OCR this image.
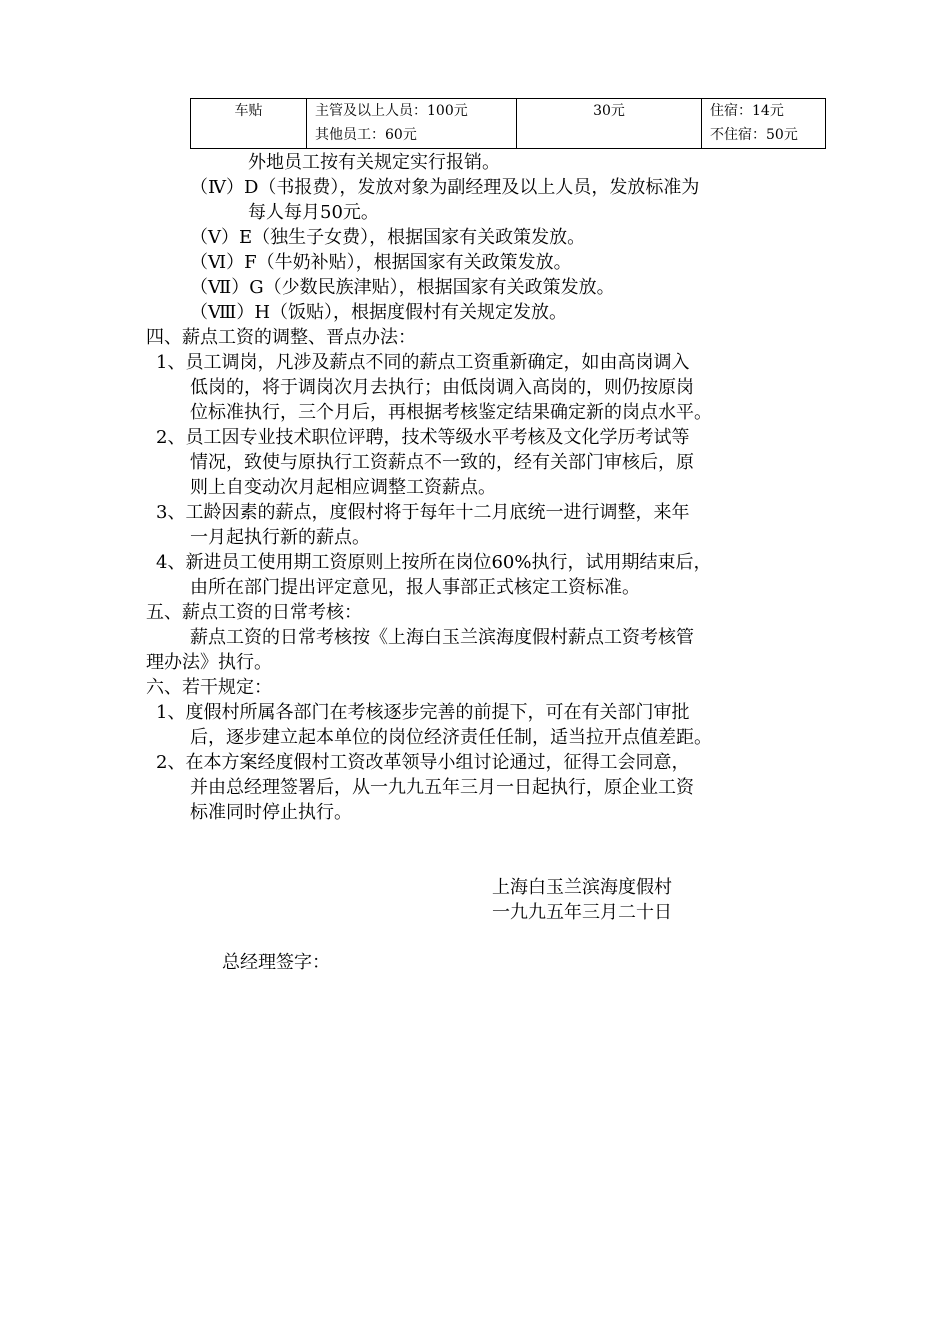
车贴	主管及以上人员：100元
其他员工：60元
30元	住宿：14元
不住宿：50元
外地员工按有关规定实行报销。
（Ⅳ）D（书报费），发放对象为副经理及以上人员，发放标准为
每人每月50元。
（Ⅴ）E（独生子女费），根据国家有关政策发放。
（Ⅵ）F（牛奶补贴），根据国家有关政策发放。
（Ⅶ）G（少数民族津贴），根据国家有关政策发放。
（Ⅷ）H（饭贴），根据度假村有关规定发放。
四、薪点工资的调整、晋点办法：
1、员工调岗，凡涉及薪点不同的薪点工资重新确定，如由高岗调入
低岗的，将于调岗次月去执行；由低岗调入高岗的，则仍按原岗
位标准执行，三个月后，再根据考核鉴定结果确定新的岗点水平。
2、员工因专业技术职位评聘，技术等级水平考核及文化学历考试等
情况，致使与原执行工资薪点不一致的，经有关部门审核后，原
则上自变动次月起相应调整工资薪点。
3、工龄因素的薪点，度假村将于每年十二月底统一进行调整，来年
一月起执行新的薪点。
4、新进员工使用期工资原则上按所在岗位60%执行，试用期结束后，
由所在部门提出评定意见，报人事部正式核定工资标准。
五、薪点工资的日常考核：
薪点工资的日常考核按《上海白玉兰滨海度假村薪点工资考核管
理办法》执行。
六、若干规定：
1、度假村所属各部门在考核逐步完善的前提下，可在有关部门审批
后，逐步建立起本单位的岗位经济责任任制，适当拉开点值差距。
2、在本方案经度假村工资改革领导小组讨论通过，征得工会同意，
并由总经理签署后，从一九九五年三月一日起执行，原企业工资
标准同时停止执行。
上海白玉兰滨海度假村
一九九五年三月二十日
总经理签字：
